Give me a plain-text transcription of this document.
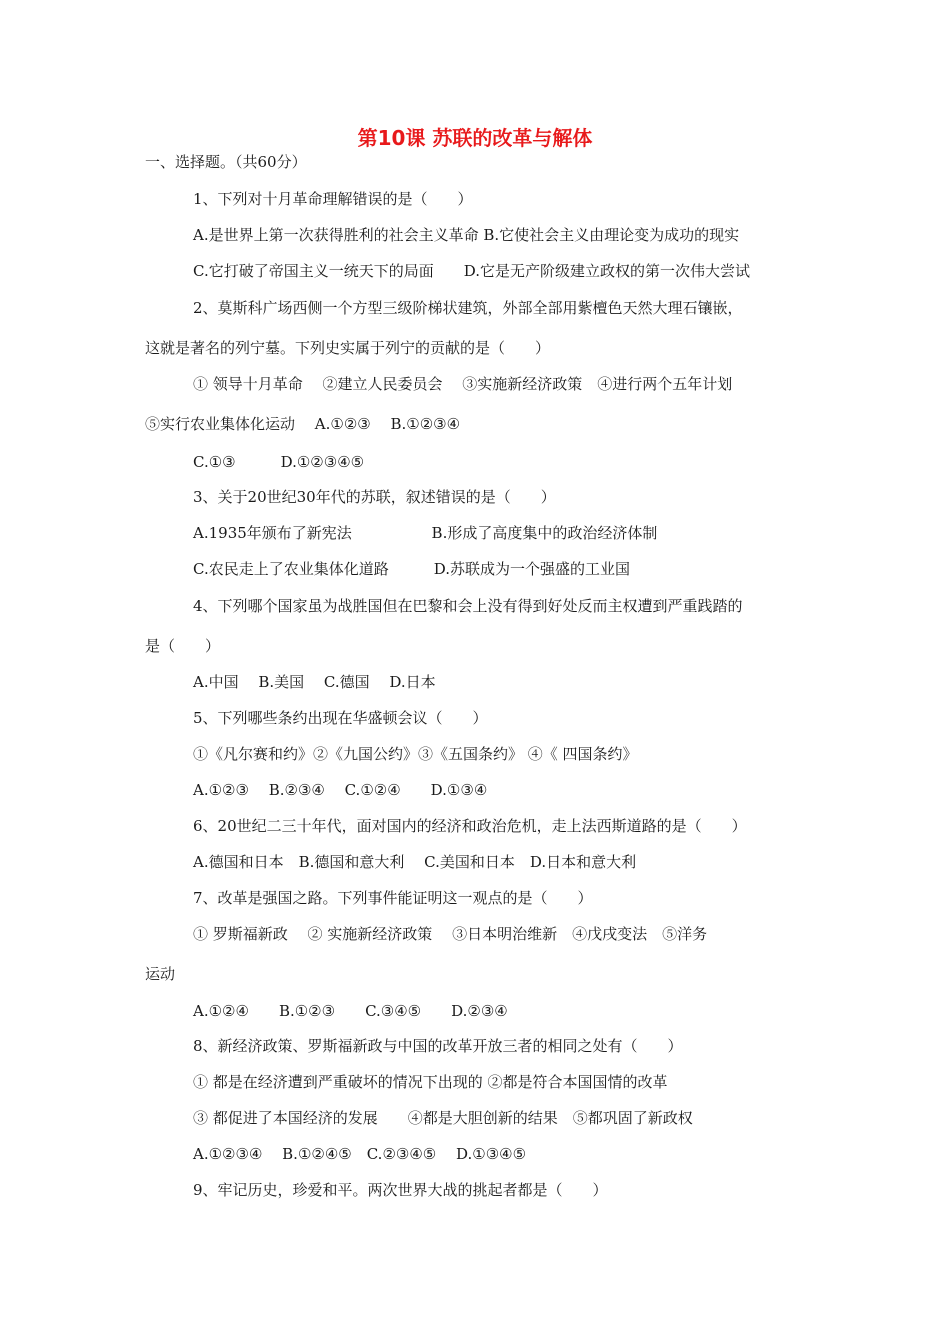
第10课 苏联的改革与解体
一、选择题。（共60分）
1、下列对十月革命理解错误的是（　　）
A.是世界上第一次获得胜利的社会主义革命 B.它使社会主义由理论变为成功的现实
C.它打破了帝国主义一统天下的局面　　D.它是无产阶级建立政权的第一次伟大尝试
2、莫斯科广场西侧一个方型三级阶梯状建筑，外部全部用紫檀色天然大理石镶嵌，
这就是著名的列宁墓。下列史实属于列宁的贡献的是（　　）
① 领导十月革命　 ②建立人民委员会　 ③实施新经济政策　④进行两个五年计划
⑤实行农业集体化运动　 A.①②③　 B.①②③④
C.①③　　　D.①②③④⑤
3、关于20世纪30年代的苏联，叙述错误的是（　　）
A.1935年颁布了新宪法　　　　　 B.形成了高度集中的政治经济体制
C.农民走上了农业集体化道路　　　D.苏联成为一个强盛的工业国
4、下列哪个国家虽为战胜国但在巴黎和会上没有得到好处反而主权遭到严重践踏的
是（　　）
A.中国　 B.美国　 C.德国　 D.日本
5、下列哪些条约出现在华盛顿会议（　　）
①《凡尔赛和约》②《九国公约》③《五国条约》 ④《 四国条约》
A.①②③　 B.②③④　 C.①②④　　D.①③④
6、20世纪二三十年代，面对国内的经济和政治危机，走上法西斯道路的是（　　）
A.德国和日本　B.德国和意大利　 C.美国和日本　D.日本和意大利
7、改革是强国之路。下列事件能证明这一观点的是（　　）
① 罗斯福新政　 ② 实施新经济政策　 ③日本明治维新　④戊戌变法　⑤洋务
运动
A.①②④　　B.①②③　　C.③④⑤　　D.②③④
8、新经济政策、罗斯福新政与中国的改革开放三者的相同之处有（　　）
① 都是在经济遭到严重破坏的情况下出现的 ②都是符合本国国情的改革
③ 都促进了本国经济的发展　　④都是大胆创新的结果　⑤都巩固了新政权
A.①②③④　 B.①②④⑤　C.②③④⑤　 D.①③④⑤
9、牢记历史，珍爱和平。两次世界大战的挑起者都是（　　）
